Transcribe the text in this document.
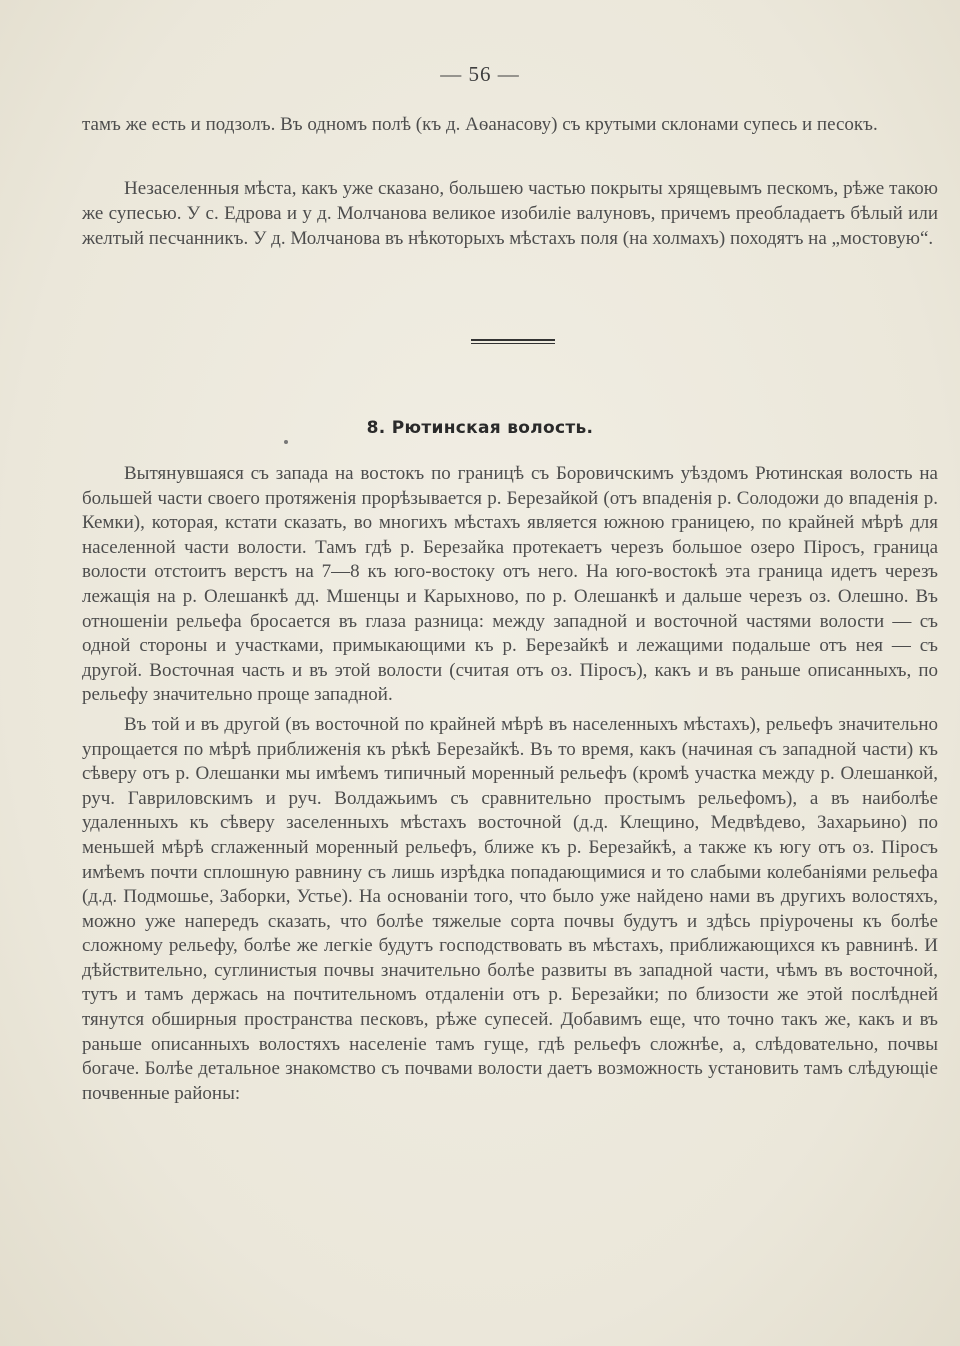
— 56 —

тамъ же есть и подзолъ. Въ одномъ полѣ (къ д. Аѳанасову) съ крутыми склонами супесь и песокъ.

Незаселенныя мѣста, какъ уже сказано, большею частью покрыты хрящевымъ пескомъ, рѣже такою же супесью. У с. Едрова и у д. Молчанова великое изобиліе валуновъ, причемъ преобладаетъ бѣлый или желтый песчанникъ. У д. Молчанова въ нѣкоторыхъ мѣстахъ поля (на холмахъ) походятъ на „мостовую“.

8. Рютинская волость.

Вытянувшаяся съ запада на востокъ по границѣ съ Боровичскимъ уѣздомъ Рютинская волость на большей части своего протяженія прорѣзывается р. Березайкой (отъ впаденія р. Солодожи до впаденія р. Кемки), которая, кстати сказать, во многихъ мѣстахъ является южною границею, по крайней мѣрѣ для населенной части волости. Тамъ гдѣ р. Березайка протекаетъ черезъ большое озеро Піросъ, граница волости отстоитъ верстъ на 7—8 къ юго-востоку отъ него. На юго-востокѣ эта граница идетъ черезъ лежащія на р. Олешанкѣ дд. Мшенцы и Карыхново, по р. Олешанкѣ и дальше черезъ оз. Олешно. Въ отношеніи рельефа бросается въ глаза разница: между западной и восточной частями волости — съ одной стороны и участками, примыкающими къ р. Березайкѣ и лежащими подальше отъ нея — съ другой. Восточная часть и въ этой волости (считая отъ оз. Піросъ), какъ и въ раньше описанныхъ, по рельефу значительно проще западной.

Въ той и въ другой (въ восточной по крайней мѣрѣ въ населенныхъ мѣстахъ), рельефъ значительно упрощается по мѣрѣ приближенія къ рѣкѣ Березайкѣ. Въ то время, какъ (начиная съ западной части) къ сѣверу отъ р. Олешанки мы имѣемъ типичный моренный рельефъ (кромѣ участка между р. Олешанкой, руч. Гавриловскимъ и руч. Волдажьимъ съ сравнительно простымъ рельефомъ), а въ наиболѣе удаленныхъ къ сѣверу заселенныхъ мѣстахъ восточной (д.д. Клещино, Медвѣдево, Захарьино) по меньшей мѣрѣ сглаженный моренный рельефъ, ближе къ р. Березайкѣ, а также къ югу отъ оз. Піросъ имѣемъ почти сплошную равнину съ лишь изрѣдка попадающимися и то слабыми колебаніями рельефа (д.д. Подмошье, Заборки, Устье). На основаніи того, что было уже найдено нами въ другихъ волостяхъ, можно уже напередъ сказать, что болѣе тяжелые сорта почвы будутъ и здѣсь пріурочены къ болѣе сложному рельефу, болѣе же легкіе будутъ господствовать въ мѣстахъ, приближающихся къ равнинѣ. И дѣйствительно, суглинистыя почвы значительно болѣе развиты въ западной части, чѣмъ въ восточной, тутъ и тамъ держась на почтительномъ отдаленіи отъ р. Березайки; по близости же этой послѣдней тянутся обширныя пространства песковъ, рѣже супесей. Добавимъ еще, что точно такъ же, какъ и въ раньше описанныхъ волостяхъ населеніе тамъ гуще, гдѣ рельефъ сложнѣе, а, слѣдовательно, почвы богаче. Болѣе детальное знакомство съ почвами волости даетъ возможность установить тамъ слѣдующіе почвенные районы:
